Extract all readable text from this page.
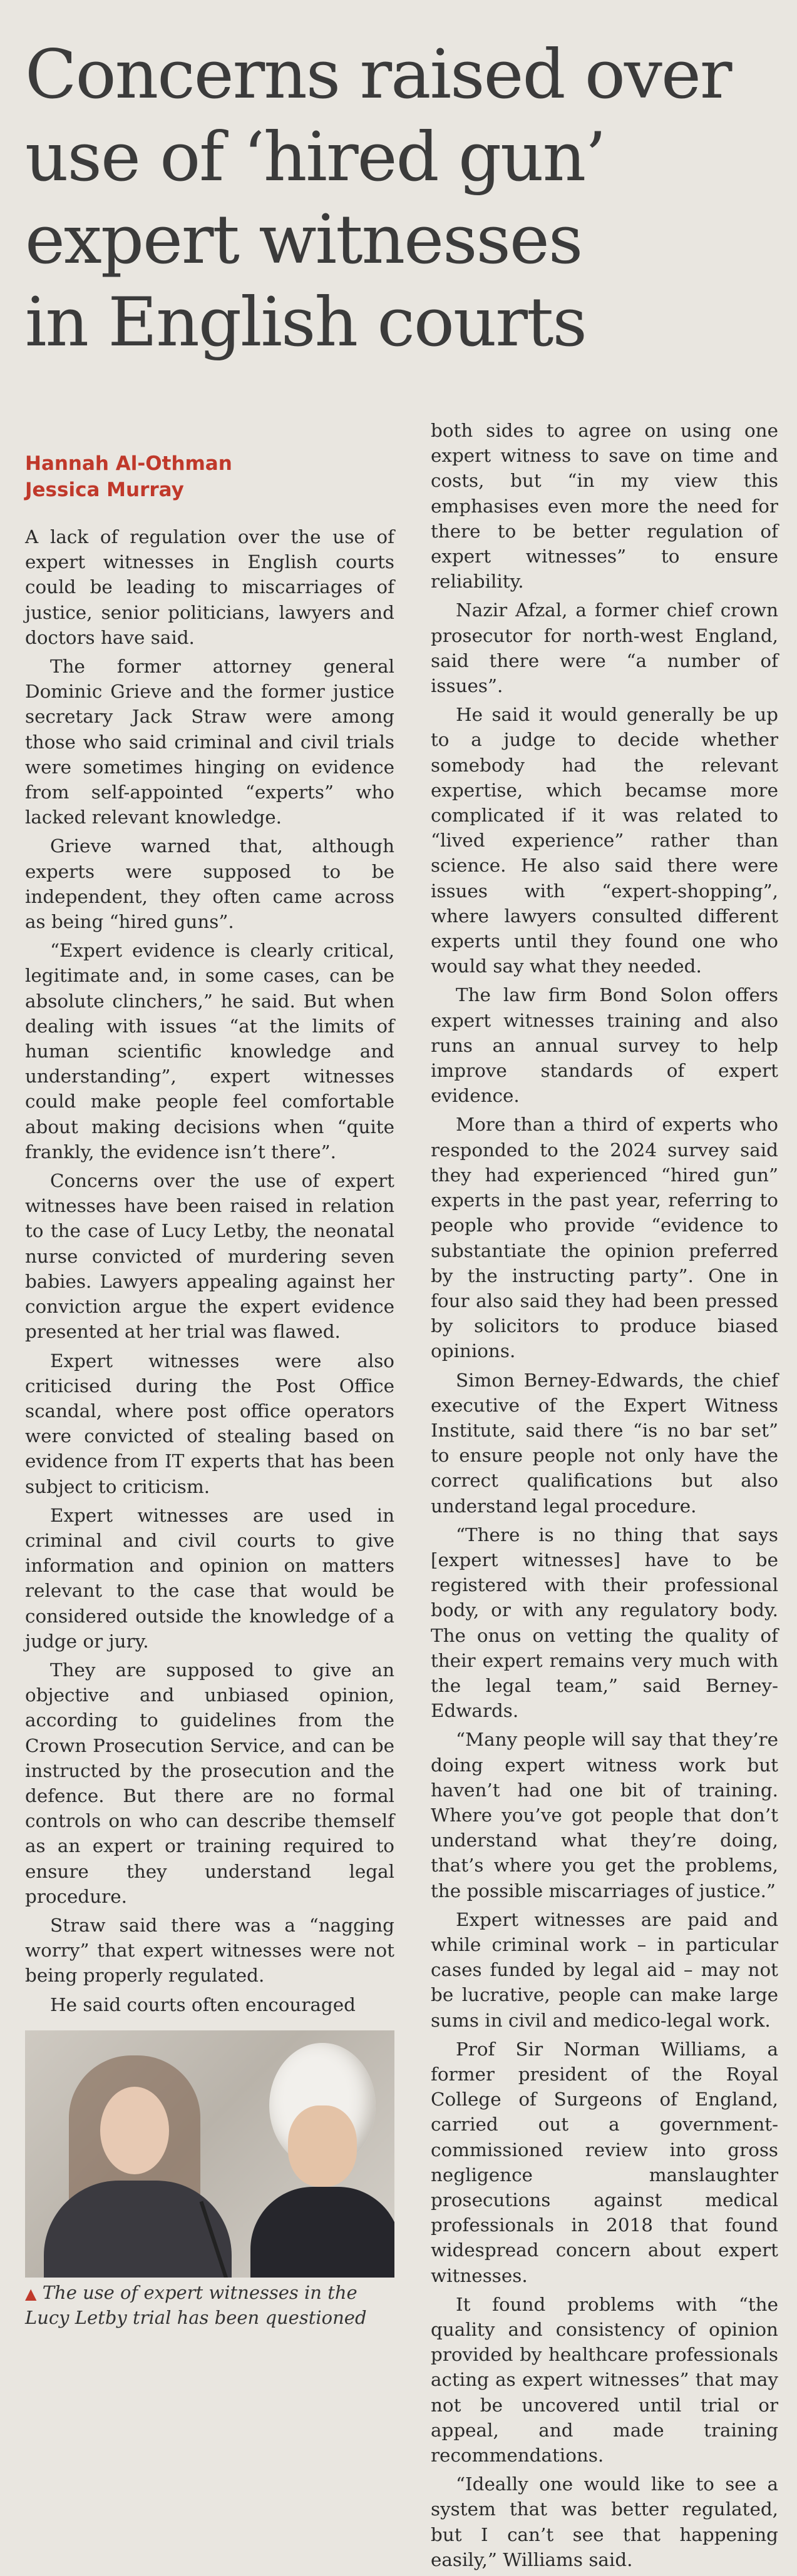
Concerns raised over
use of ‘hired gun’
expert witnesses
in English courts
Hannah Al-Othman
Jessica Murray

A lack of regulation over the use of expert witnesses in English courts could be leading to miscarriages of justice, senior politicians, lawyers and doctors have said.

The former attorney general Dominic Grieve and the former justice secretary Jack Straw were among those who said criminal and civil trials were sometimes hinging on evidence from self-appointed “experts” who lacked relevant knowledge.

Grieve warned that, although experts were supposed to be independent, they often came across as being “hired guns”.

“Expert evidence is clearly critical, legitimate and, in some cases, can be absolute clinchers,” he said. But when dealing with issues “at the limits of human scientific knowledge and understanding”, expert witnesses could make people feel comfortable about making decisions when “quite frankly, the evidence isn’t there”.

Concerns over the use of expert witnesses have been raised in relation to the case of Lucy Letby, the neonatal nurse convicted of murdering seven babies. Lawyers appealing against her conviction argue the expert evidence presented at her trial was flawed.

Expert witnesses were also criticised during the Post Office scandal, where post office operators were convicted of stealing based on evidence from IT experts that has been subject to criticism.

Expert witnesses are used in criminal and civil courts to give information and opinion on matters relevant to the case that would be considered outside the knowledge of a judge or jury.

They are supposed to give an objective and unbiased opinion, according to guidelines from the Crown Prosecution Service, and can be instructed by the prosecution and the defence. But there are no formal controls on who can describe themself as an expert or training required to ensure they understand legal procedure.

Straw said there was a “nagging worry” that expert witnesses were not being properly regulated.

He said courts often encouraged

▲ The use of expert witnesses in the Lucy Letby trial has been questioned

both sides to agree on using one expert witness to save on time and costs, but “in my view this emphasises even more the need for there to be better regulation of expert witnesses” to ensure reliability.

Nazir Afzal, a former chief crown prosecutor for north-west England, said there were “a number of issues”.

He said it would generally be up to a judge to decide whether somebody had the relevant expertise, which becamse more complicated if it was related to “lived experience” rather than science. He also said there were issues with “expert-shopping”, where lawyers consulted different experts until they found one who would say what they needed.

The law firm Bond Solon offers expert witnesses training and also runs an annual survey to help improve standards of expert evidence.

More than a third of experts who responded to the 2024 survey said they had experienced “hired gun” experts in the past year, referring to people who provide “evidence to substantiate the opinion preferred by the instructing party”. One in four also said they had been pressed by solicitors to produce biased opinions.

Simon Berney-Edwards, the chief executive of the Expert Witness Institute, said there “is no bar set” to ensure people not only have the correct qualifications but also understand legal procedure.

“There is no thing that says [expert witnesses] have to be registered with their professional body, or with any regulatory body. The onus on vetting the quality of their expert remains very much with the legal team,” said Berney-Edwards.

“Many people will say that they’re doing expert witness work but haven’t had one bit of training. Where you’ve got people that don’t understand what they’re doing, that’s where you get the problems, the possible miscarriages of justice.”

Expert witnesses are paid and while criminal work – in particular cases funded by legal aid – may not be lucrative, people can make large sums in civil and medico-legal work.

Prof Sir Norman Williams, a former president of the Royal College of Surgeons of England, carried out a government-commissioned review into gross negligence manslaughter prosecutions against medical professionals in 2018 that found widespread concern about expert witnesses.

It found problems with “the quality and consistency of opinion provided by healthcare professionals acting as expert witnesses” that may not be uncovered until trial or appeal, and made training recommendations.

“Ideally one would like to see a system that was better regulated, but I can’t see that happening easily,” Williams said.
